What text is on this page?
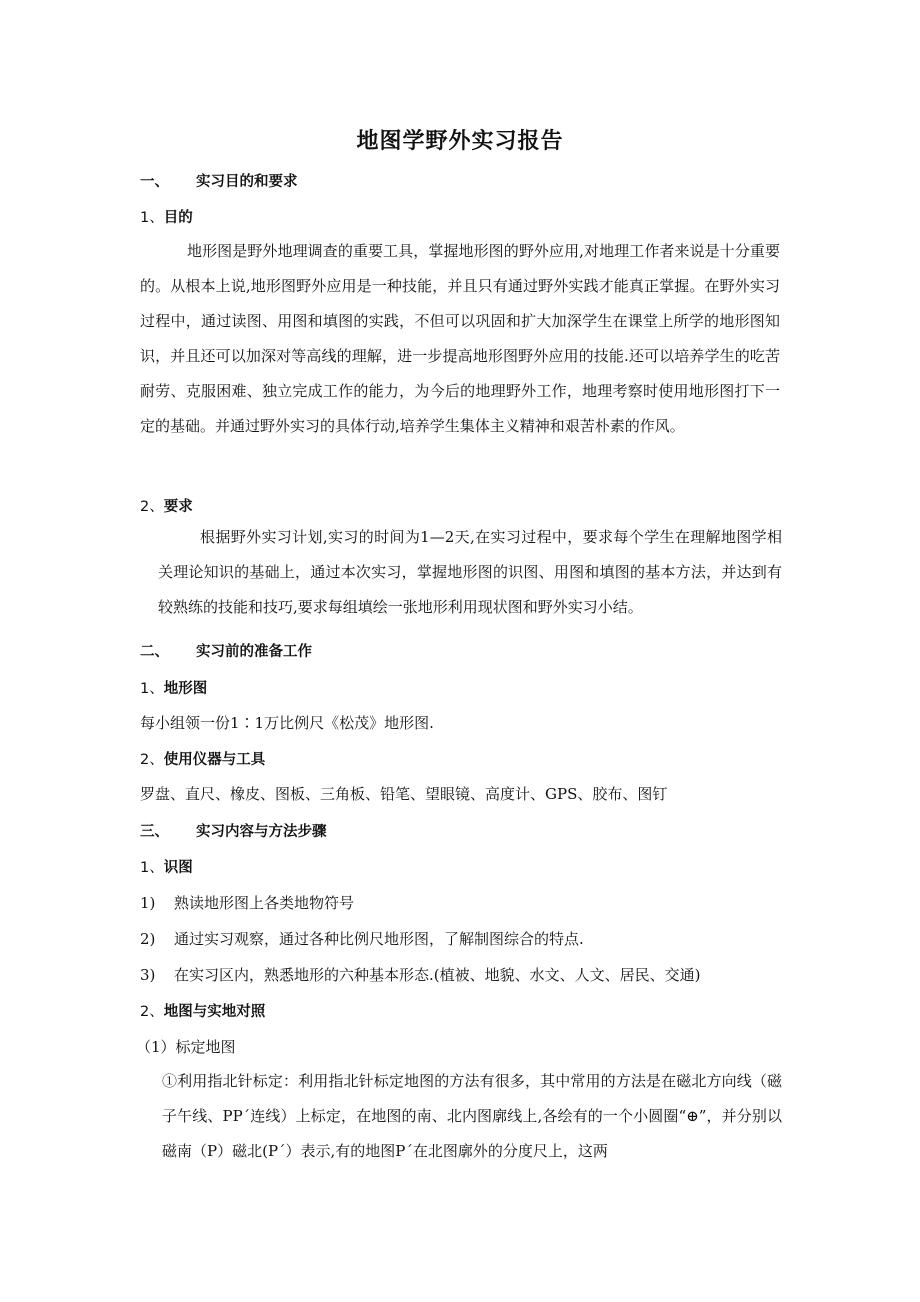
地图学野外实习报告
一、 实习目的和要求
1、目的
地形图是野外地理调查的重要工具，掌握地形图的野外应用,对地理工作者来说是十分重要的。从根本上说,地形图野外应用是一种技能，并且只有通过野外实践才能真正掌握。在野外实习过程中，通过读图、用图和填图的实践，不但可以巩固和扩大加深学生在课堂上所学的地形图知识，并且还可以加深对等高线的理解，进一步提高地形图野外应用的技能.还可以培养学生的吃苦耐劳、克服困难、独立完成工作的能力，为今后的地理野外工作，地理考察时使用地形图打下一定的基础。并通过野外实习的具体行动,培养学生集体主义精神和艰苦朴素的作风。
2、要求
根据野外实习计划,实习的时间为1—2天,在实习过程中，要求每个学生在理解地图学相关理论知识的基础上，通过本次实习，掌握地形图的识图、用图和填图的基本方法，并达到有较熟练的技能和技巧,要求每组填绘一张地形利用现状图和野外实习小结。
二、 实习前的准备工作
1、地形图
每小组领一份1∶1万比例尺《松茂》地形图.
2、使用仪器与工具
罗盘、直尺、橡皮、图板、三角板、铅笔、望眼镜、高度计、GPS、胶布、图钉
三、 实习内容与方法步骤
1、识图
1) 熟读地形图上各类地物符号
2) 通过实习观察，通过各种比例尺地形图，了解制图综合的特点.
3) 在实习区内，熟悉地形的六种基本形态.(植被、地貌、水文、人文、居民、交通)
2、地图与实地对照
（1）标定地图
①利用指北针标定：利用指北针标定地图的方法有很多，其中常用的方法是在磁北方向线（磁子午线、PP´连线）上标定，在地图的南、北内图廓线上,各绘有的一个小圆圈“⊕”，并分别以磁南（P）磁北(P´）表示,有的地图P´在北图廓外的分度尺上，这两
